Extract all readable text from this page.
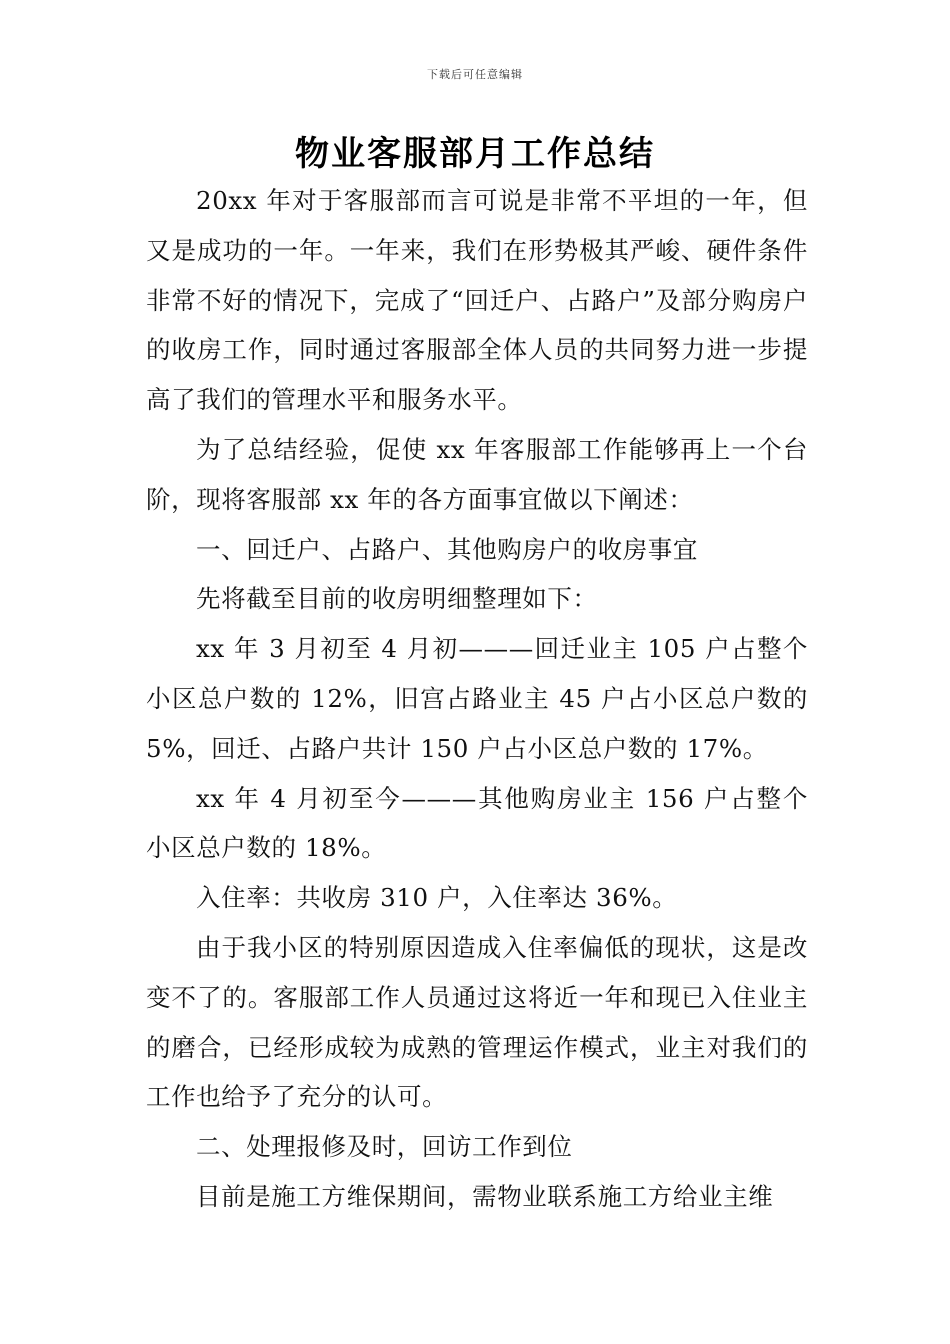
下载后可任意编辑
物业客服部月工作总结

20xx 年对于客服部而言可说是非常不平坦的一年，但又是成功的一年。一年来，我们在形势极其严峻、硬件条件非常不好的情况下，完成了“回迁户、占路户”及部分购房户的收房工作，同时通过客服部全体人员的共同努力进一步提高了我们的管理水平和服务水平。

为了总结经验，促使 xx 年客服部工作能够再上一个台阶，现将客服部 xx 年的各方面事宜做以下阐述：

一、回迁户、占路户、其他购房户的收房事宜

先将截至目前的收房明细整理如下：

xx 年 3 月初至 4 月初———回迁业主 105 户占整个小区总户数的 12%，旧宫占路业主 45 户占小区总户数的 5%，回迁、占路户共计 150 户占小区总户数的 17%。

xx 年 4 月初至今———其他购房业主 156 户占整个小区总户数的 18%。

入住率：共收房 310 户，入住率达 36%。

由于我小区的特别原因造成入住率偏低的现状，这是改变不了的。客服部工作人员通过这将近一年和现已入住业主的磨合，已经形成较为成熟的管理运作模式，业主对我们的工作也给予了充分的认可。

二、处理报修及时，回访工作到位

目前是施工方维保期间，需物业联系施工方给业主维
